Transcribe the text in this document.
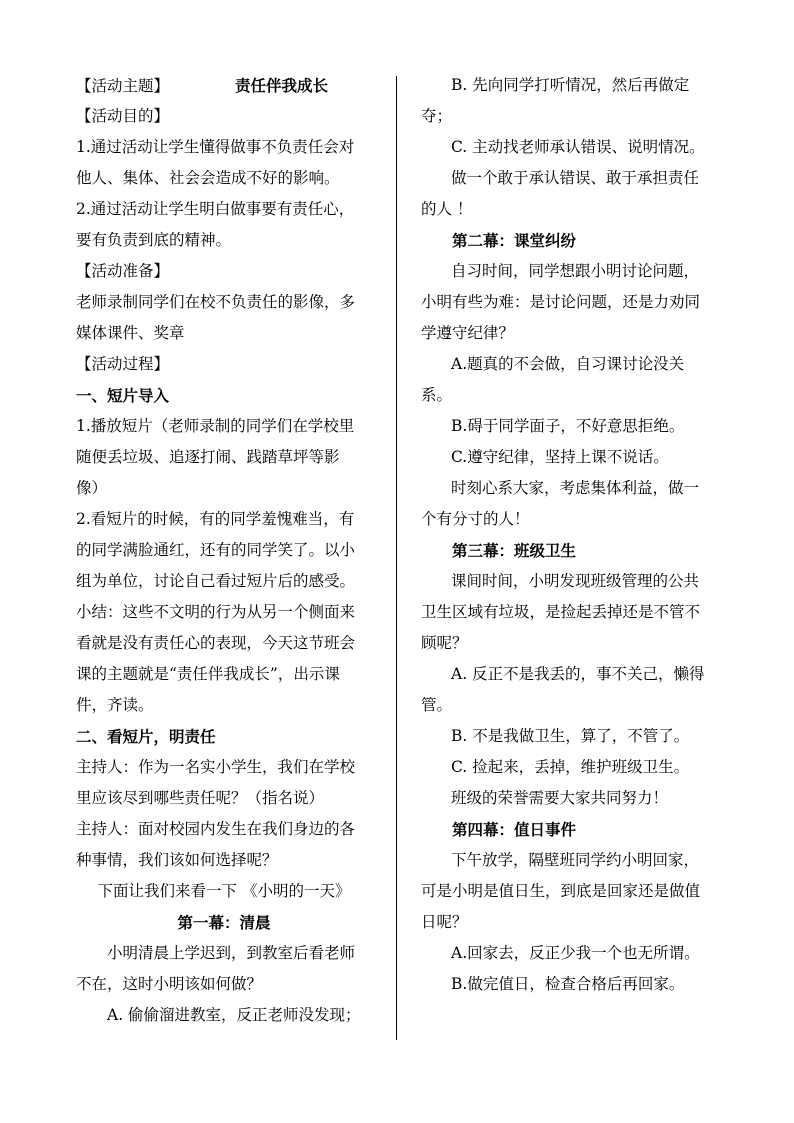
【活动主题】	责任伴我成长

【活动目的】

1.通过活动让学生懂得做事不负责任会对

他人、集体、社会会造成不好的影响。

2.通过活动让学生明白做事要有责任心，

要有负责到底的精神。

【活动准备】

老师录制同学们在校不负责任的影像，多

媒体课件、奖章

【活动过程】

一、短片导入

1.播放短片（老师录制的同学们在学校里

随便丢垃圾、追逐打闹、践踏草坪等影

像）

2.看短片的时候，有的同学羞愧难当，有

的同学满脸通红，还有的同学笑了。以小

组为单位，讨论自己看过短片后的感受。

小结：这些不文明的行为从另一个侧面来

看就是没有责任心的表现，今天这节班会

课的主题就是“责任伴我成长”，出示课

件，齐读。

二、看短片，明责任

主持人：作为一名实小学生，我们在学校

里应该尽到哪些责任呢？（指名说）

主持人：面对校园内发生在我们身边的各

种事情，我们该如何选择呢？

下面让我们来看一下 《小明的一天》

第一幕：清晨

小明清晨上学迟到，到教室后看老师

不在，这时小明该如何做？

A. 偷偷溜进教室，反正老师没发现；

B. 先向同学打听情况，然后再做定

夺；

C. 主动找老师承认错误、说明情况。

做一个敢于承认错误、敢于承担责任

的人 ！

第二幕：课堂纠纷

自习时间，同学想跟小明讨论问题，

小明有些为难：是讨论问题，还是力劝同

学遵守纪律？

A.题真的不会做，自习课讨论没关

系。

B.碍于同学面子，不好意思拒绝。

C.遵守纪律，坚持上课不说话。

时刻心系大家，考虑集体利益，做一

个有分寸的人！

第三幕：班级卫生

课间时间，小明发现班级管理的公共

卫生区域有垃圾，是捡起丢掉还是不管不

顾呢？

A. 反正不是我丢的，事不关己，懒得

管。

B. 不是我做卫生，算了，不管了。

C. 捡起来，丢掉，维护班级卫生。

班级的荣誉需要大家共同努力！

第四幕：值日事件

下午放学，隔壁班同学约小明回家，

可是小明是值日生，到底是回家还是做值

日呢？

A.回家去，反正少我一个也无所谓。

B.做完值日，检查合格后再回家。
